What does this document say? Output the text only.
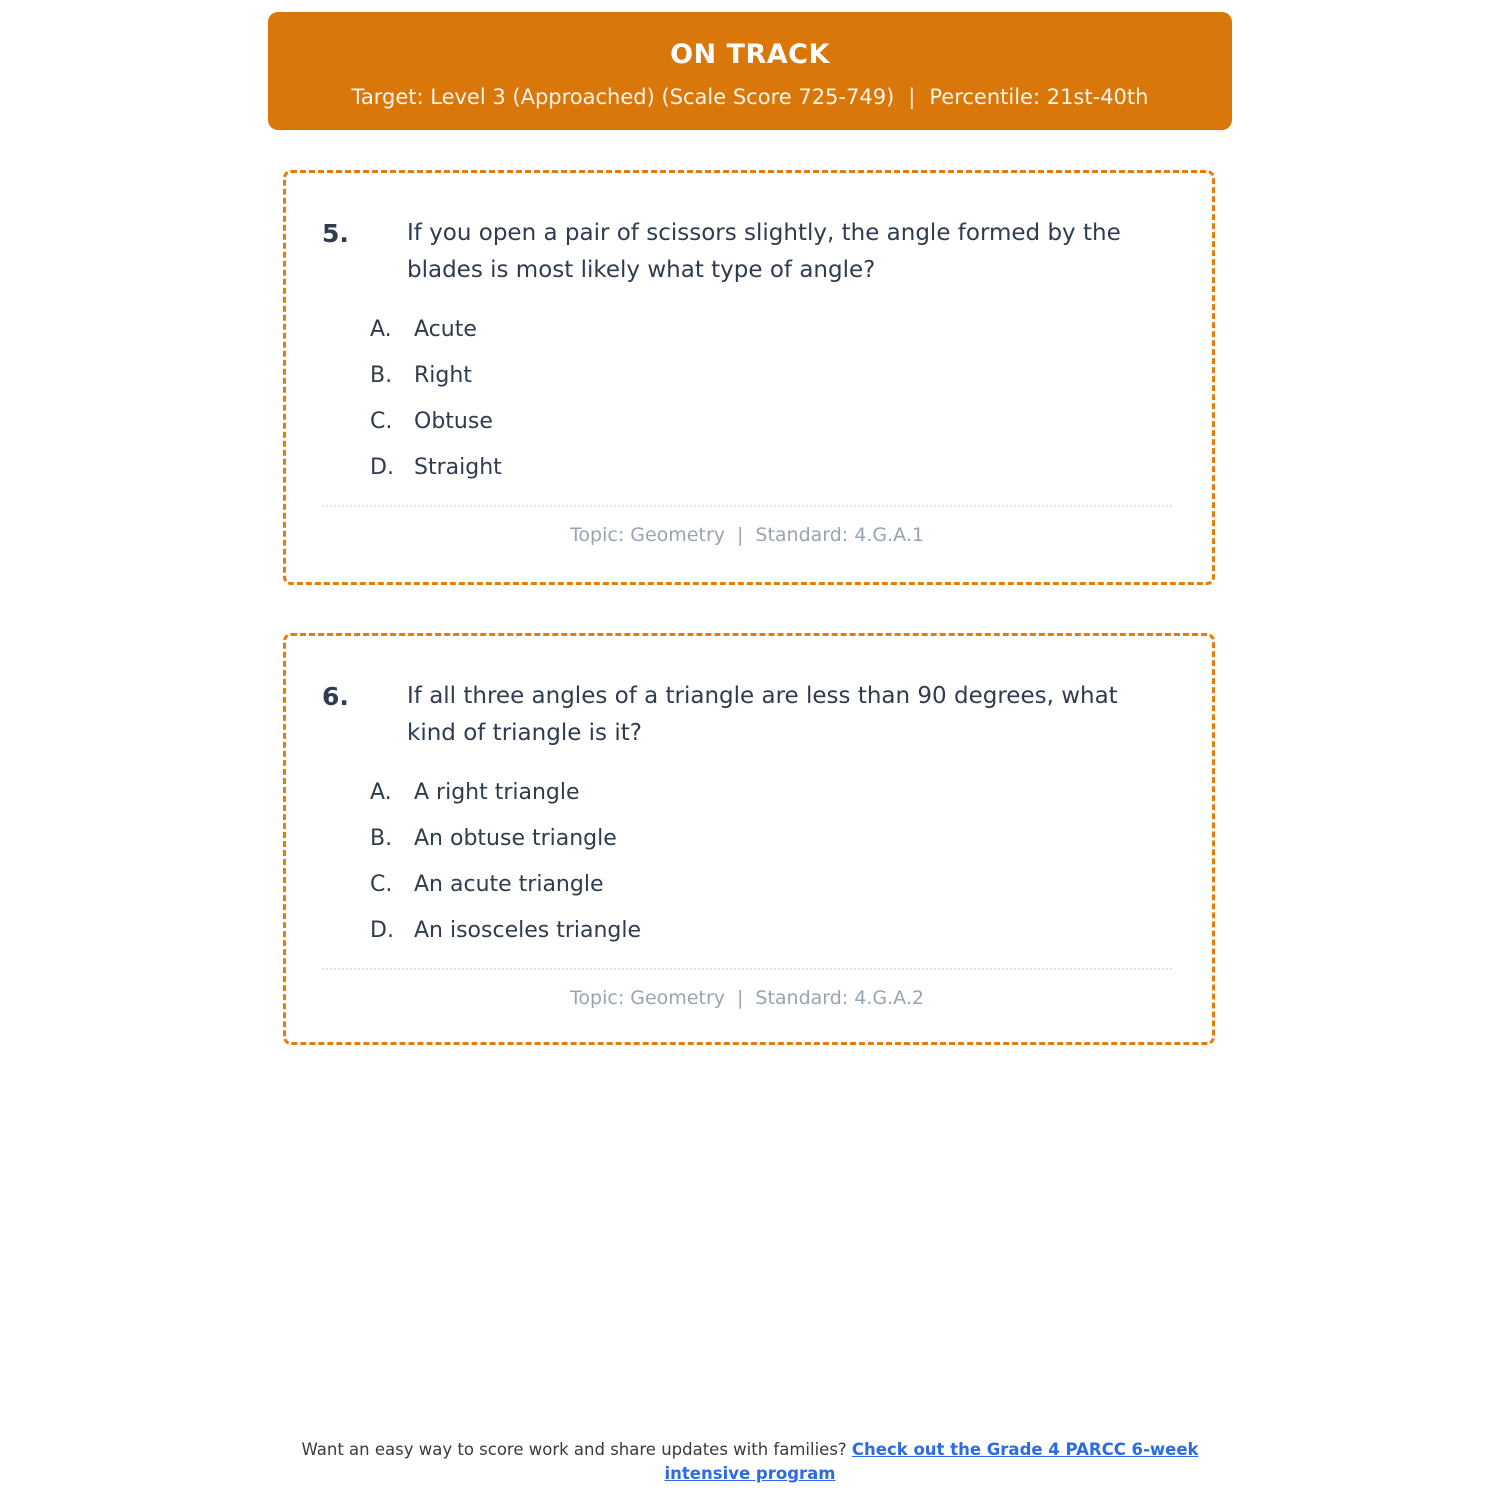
ON TRACK
Target: Level 3 (Approached) (Scale Score 725-749) | Percentile: 21st-40th
5.	If you open a pair of scissors slightly, the angle formed by the blades is most likely what type of angle?
A.	Acute
B. Right
C. Obtuse
D. Straight
Topic: Geometry | Standard: 4.G.A.1
6.	If all three angles of a triangle are less than 90 degrees, what kind of triangle is it?
A.	A right triangle
B. An obtuse triangle
C. An acute triangle
D. An isosceles triangle
Topic: Geometry | Standard: 4.G.A.2
Want an easy way to score work and share updates with families? Check out the Grade 4 PARCC 6-week intensive program
